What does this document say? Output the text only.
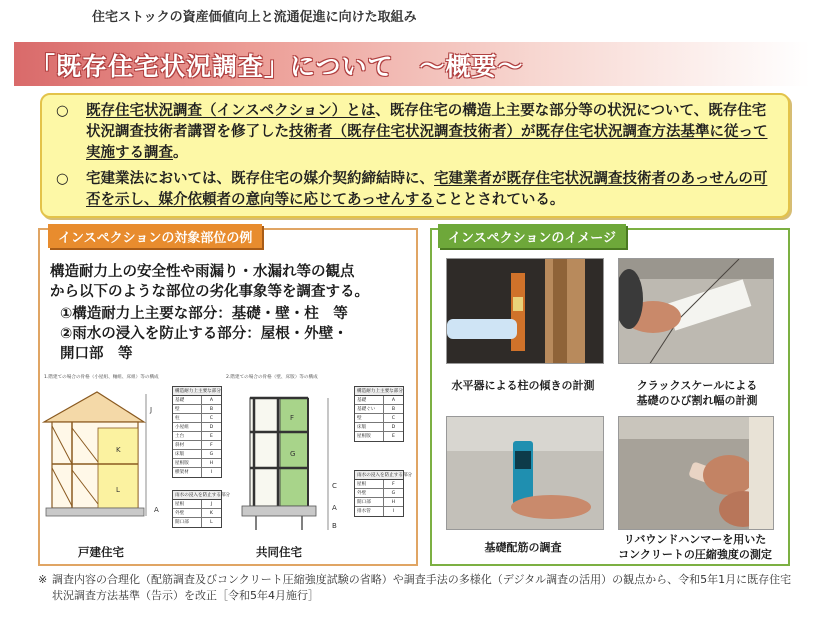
住宅ストックの資産価値向上と流通促進に向けた取組み
「既存住宅状況調査」について　～概要～

○	既存住宅状況調査（インスペクション）とは、既存住宅の構造上主要な部分等の状況について、既存住宅状況調査技術者講習を修了した技術者（既存住宅状況調査技術者）が既存住宅状況調査方法基準に従って実施する調査。

○	宅建業法においては、既存住宅の媒介契約締結時に、宅建業者が既存住宅状況調査技術者のあっせんの可否を示し、媒介依頼者の意向等に応じてあっせんすることとされている。

インスペクションの対象部位の例
構造耐力上の安全性や雨漏り・水漏れ等の観点
から以下のような部位の劣化事象等を調査する。
①構造耐力上主要な部分：基礎・壁・柱　等
②雨水の浸入を防止する部分：屋根・外壁・
開口部　等
1.階建ての場合の骨格（小屋組、軸組、床組）等の構成	2.階建ての場合の骨格（壁、床版）等の構成
J
K
L
A
構造耐力上主要な部分
基礎	A
壁	B
柱	C
小屋組	D
土台	E
斜材	F
床版	G
屋根版	H
横架材	I
雨水の浸入を防止する部分
屋根	J
外壁	K
開口部	L
F
G
C
A
B
構造耐力上主要な部分
基礎	A
基礎ぐい	B
壁	C
床版	D
屋根版	E
雨水の浸入を防止する部分
屋根	F
外壁	G
開口部	H
排水管	I
戸建住宅	共同住宅
インスペクションのイメージ
水平器による柱の傾きの計測	クラックスケールによる
基礎のひび割れ幅の計測
基礎配筋の調査
リバウンドハンマーを用いた
コンクリートの圧縮強度の測定
※ 調査内容の合理化（配筋調査及びコンクリート圧縮強度試験の省略）や調査手法の多様化（デジタル調査の活用）の観点から、令和5年1月に既存住宅
状況調査方法基準（告示）を改正［令和5年4月施行］
